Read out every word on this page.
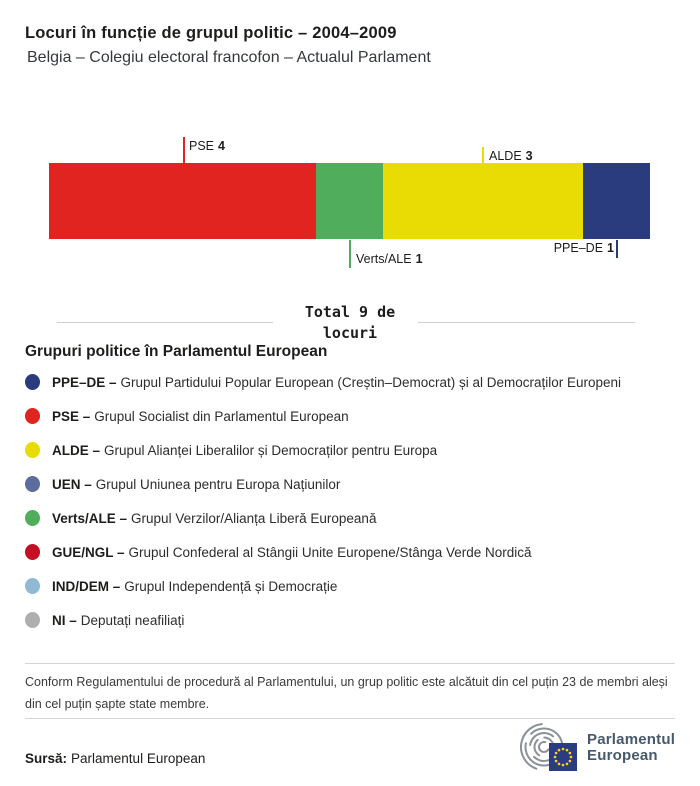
Locuri în funcție de grupul politic – 2004–2009
Belgia – Colegiu electoral francofon – Actualul Parlament
PSE 4
ALDE 3
Verts/ALE 1
PPE–DE 1
Total 9 de locuri
Grupuri politice în Parlamentul European
PPE–DE – Grupul Partidului Popular European (Creștin–Democrat) și al Democraților Europeni
PSE – Grupul Socialist din Parlamentul European
ALDE – Grupul Alianței Liberalilor și Democraților pentru Europa
UEN – Grupul Uniunea pentru Europa Națiunilor
Verts/ALE – Grupul Verzilor/Alianța Liberă Europeană
GUE/NGL – Grupul Confederal al Stângii Unite Europene/Stânga Verde Nordică
IND/DEM – Grupul Independență și Democrație
NI – Deputați neafiliați

Conform Regulamentului de procedură al Parlamentului, un grup politic este alcătuit din cel puțin 23 de membri aleși din cel puțin șapte state membre.

Sursă: Parlamentul European
Parlamentul
European
